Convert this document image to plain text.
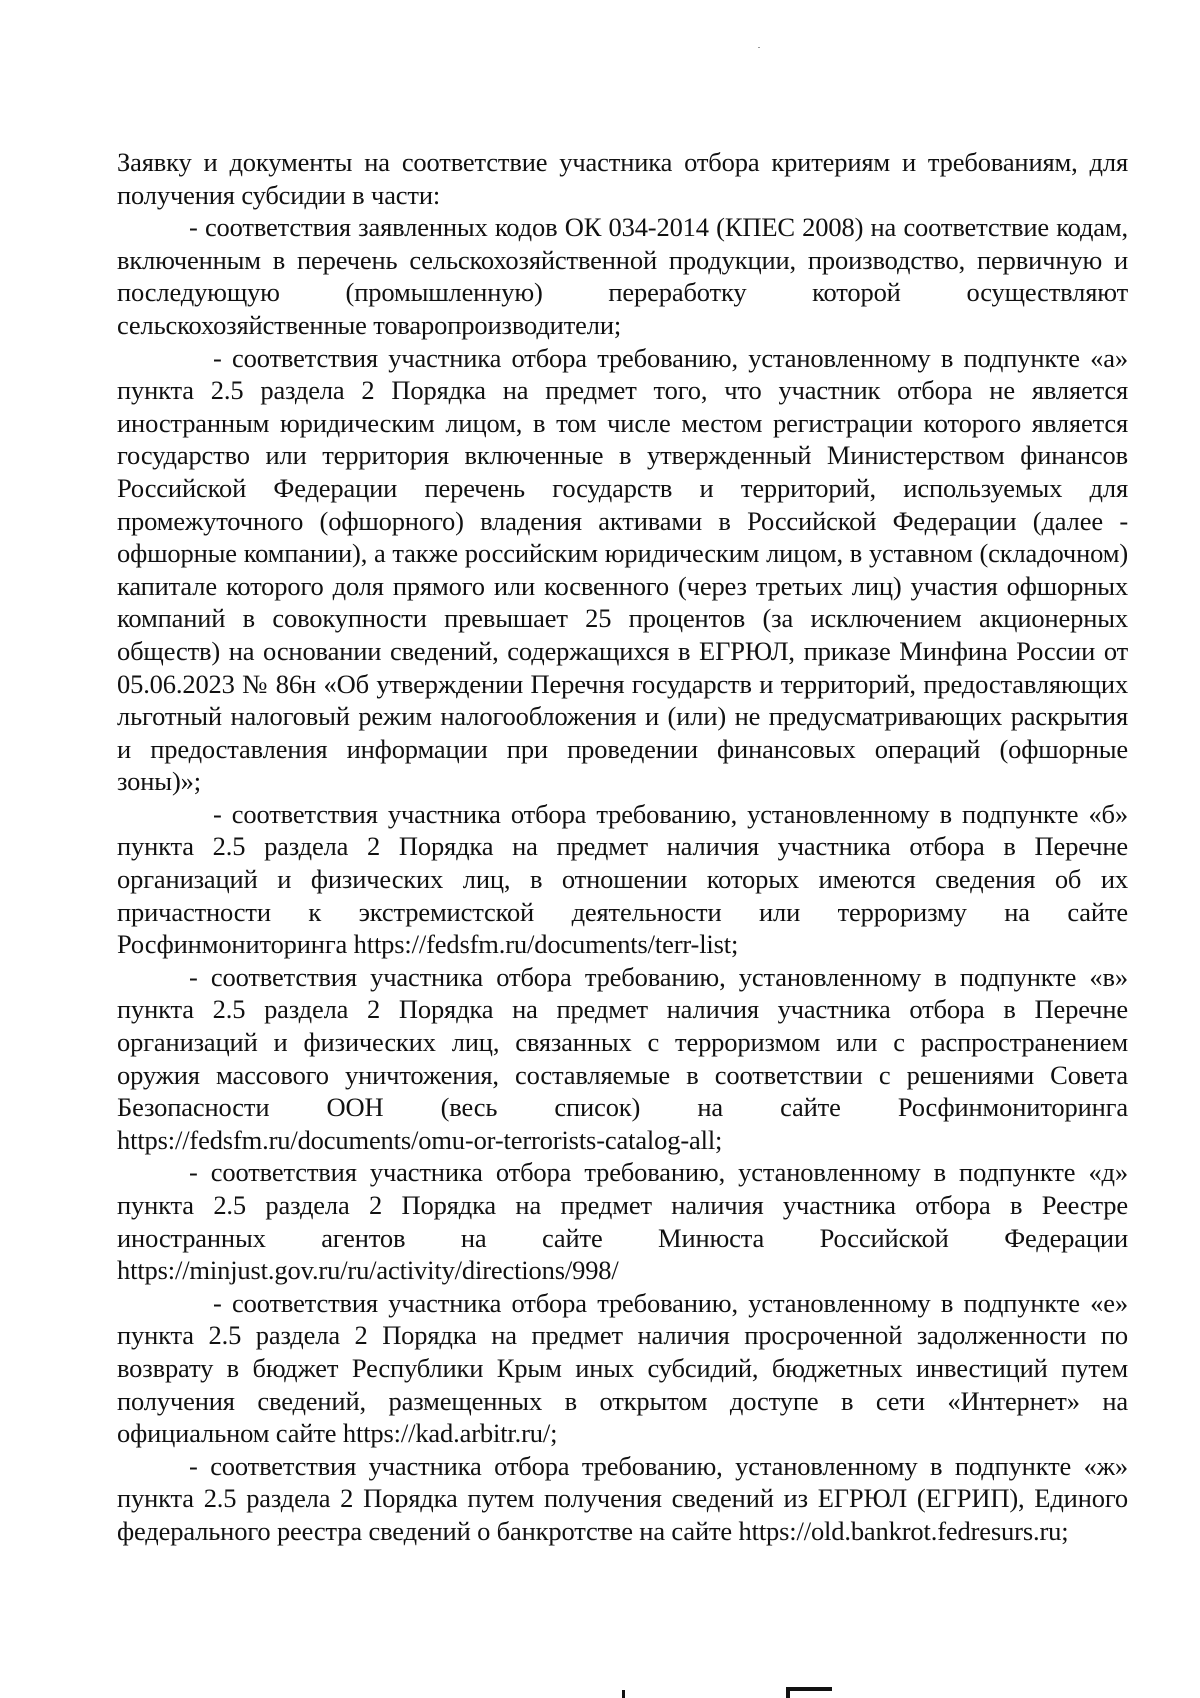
Заявку и документы на соответствие участника отбора критериям и требованиям, для получения субсидии в части:

- соответствия заявленных кодов ОК 034-2014 (КПЕС 2008) на соответствие кодам, включенным в перечень сельскохозяйственной продукции, производство, первичную и последующую (промышленную) переработку которой осуществляют сельскохозяйственные товаропроизводители;

- соответствия участника отбора требованию, установленному в подпункте «а» пункта 2.5 раздела 2 Порядка на предмет того, что участник отбора не является иностранным юридическим лицом, в том числе местом регистрации которого является государство или территория включенные в утвержденный Министерством финансов Российской Федерации перечень государств и территорий, используемых для промежуточного (офшорного) владения активами в Российской Федерации (далее - офшорные компании), а также российским юридическим лицом, в уставном (складочном) капитале которого доля прямого или косвенного (через третьих лиц) участия офшорных компаний в совокупности превышает 25 процентов (за исключением акционерных обществ) на основании сведений, содержащихся в ЕГРЮЛ, приказе Минфина России от 05.06.2023 № 86н «Об утверждении Перечня государств и территорий, предоставляющих льготный налоговый режим налогообложения и (или) не предусматривающих раскрытия и предоставления информации при проведении финансовых операций (офшорные зоны)»;

- соответствия участника отбора требованию, установленному в подпункте «б» пункта 2.5 раздела 2 Порядка на предмет наличия участника отбора в Перечне организаций и физических лиц, в отношении которых имеются сведения об их причастности к экстремистской деятельности или терроризму на сайте Росфинмониторинга https://fedsfm.ru/documents/terr-list;

- соответствия участника отбора требованию, установленному в подпункте «в» пункта 2.5 раздела 2 Порядка на предмет наличия участника отбора в Перечне организаций и физических лиц, связанных с терроризмом или с распространением оружия массового уничтожения, составляемые в соответствии с решениями Совета Безопасности ООН (весь список) на сайте Росфинмониторинга https://fedsfm.ru/documents/omu-or-terrorists-catalog-all;

- соответствия участника отбора требованию, установленному в подпункте «д» пункта 2.5 раздела 2 Порядка на предмет наличия участника отбора в Реестре иностранных агентов на сайте Минюста Российской Федерации https://minjust.gov.ru/ru/activity/directions/998/

- соответствия участника отбора требованию, установленному в подпункте «е» пункта 2.5 раздела 2 Порядка на предмет наличия просроченной задолженности по возврату в бюджет Республики Крым иных субсидий, бюджетных инвестиций путем получения сведений, размещенных в открытом доступе в сети «Интернет» на официальном сайте https://kad.arbitr.ru/;

- соответствия участника отбора требованию, установленному в подпункте «ж» пункта 2.5 раздела 2 Порядка путем получения сведений из ЕГРЮЛ (ЕГРИП), Единого федерального реестра сведений о банкротстве на сайте https://old.bankrot.fedresurs.ru;
